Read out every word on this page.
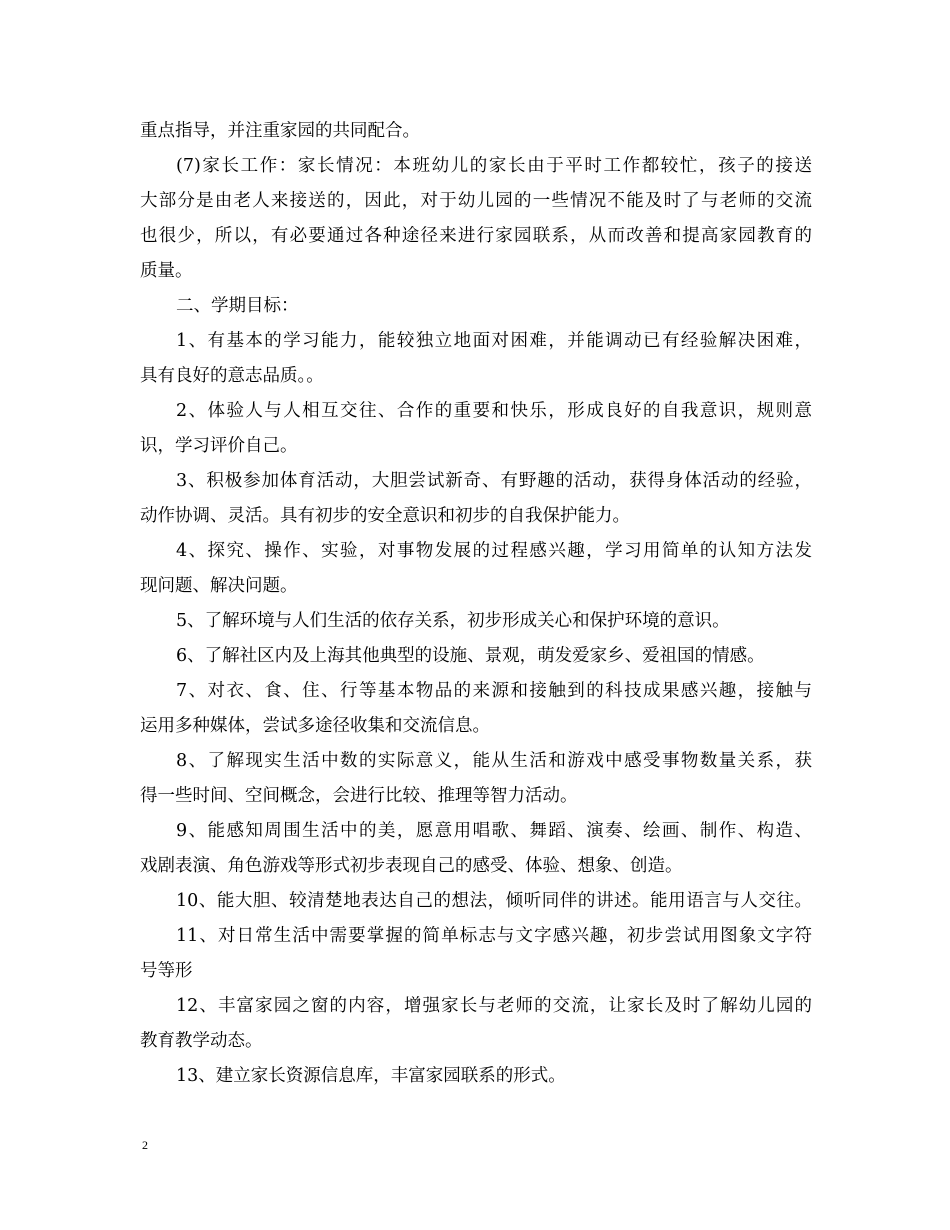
重点指导，并注重家园的共同配合。
(7)家长工作：家长情况：本班幼儿的家长由于平时工作都较忙，孩子的接送
大部分是由老人来接送的，因此，对于幼儿园的一些情况不能及时了与老师的交流
也很少，所以，有必要通过各种途径来进行家园联系，从而改善和提高家园教育的
质量。
二、学期目标：
1、有基本的学习能力，能较独立地面对困难，并能调动已有经验解决困难，
具有良好的意志品质。。
2、体验人与人相互交往、合作的重要和快乐，形成良好的自我意识，规则意
识，学习评价自己。
3、积极参加体育活动，大胆尝试新奇、有野趣的活动，获得身体活动的经验，
动作协调、灵活。具有初步的安全意识和初步的自我保护能力。
4、探究、操作、实验，对事物发展的过程感兴趣，学习用简单的认知方法发
现问题、解决问题。
5、了解环境与人们生活的依存关系，初步形成关心和保护环境的意识。
6、了解社区内及上海其他典型的设施、景观，萌发爱家乡、爱祖国的情感。
7、对衣、食、住、行等基本物品的来源和接触到的科技成果感兴趣，接触与
运用多种媒体，尝试多途径收集和交流信息。
8、了解现实生活中数的实际意义，能从生活和游戏中感受事物数量关系，获
得一些时间、空间概念，会进行比较、推理等智力活动。
9、能感知周围生活中的美，愿意用唱歌、舞蹈、演奏、绘画、制作、构造、
戏剧表演、角色游戏等形式初步表现自己的感受、体验、想象、创造。
10、能大胆、较清楚地表达自己的想法，倾听同伴的讲述。能用语言与人交往。
11、对日常生活中需要掌握的简单标志与文字感兴趣，初步尝试用图象文字符
号等形
12、丰富家园之窗的内容，增强家长与老师的交流，让家长及时了解幼儿园的
教育教学动态。
13、建立家长资源信息库，丰富家园联系的形式。
2
